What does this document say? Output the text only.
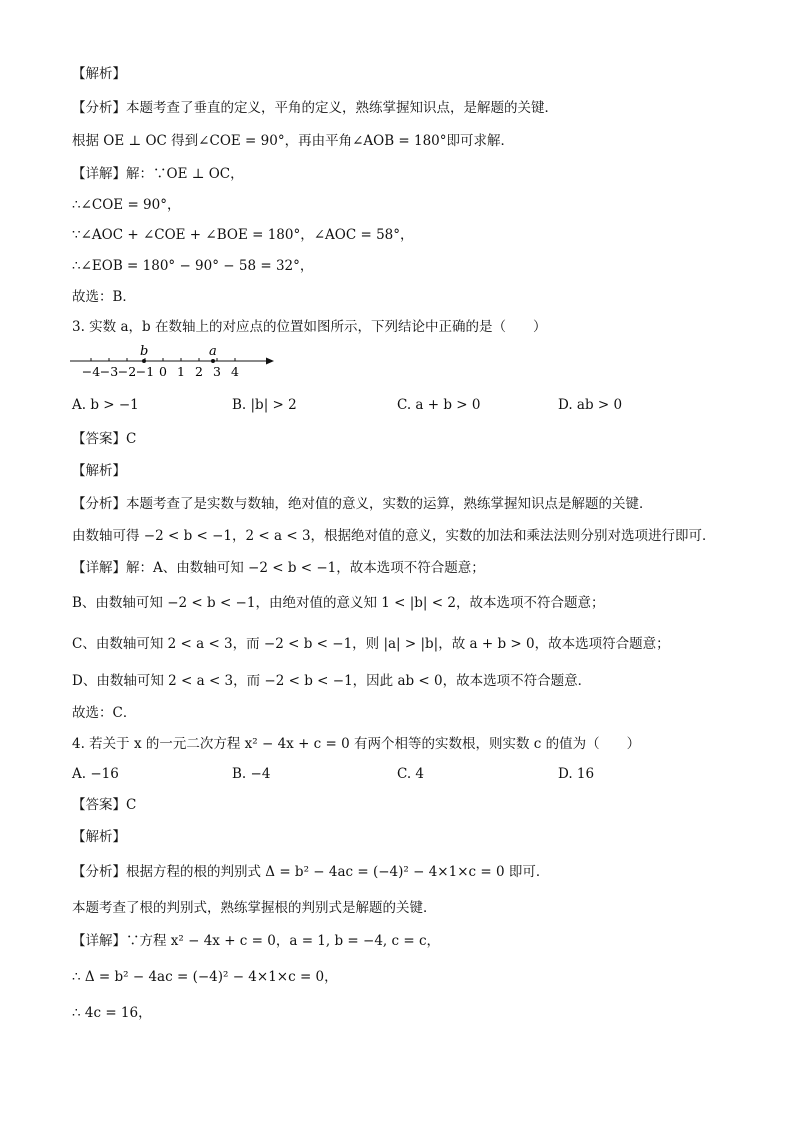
【解析】
【分析】本题考查了垂直的定义，平角的定义，熟练掌握知识点，是解题的关键．
根据 OE ⊥ OC 得到∠COE = 90°，再由平角∠AOB = 180°即可求解．
【详解】解：∵OE ⊥ OC，
∴∠COE = 90°，
∵∠AOC + ∠COE + ∠BOE = 180°，∠AOC = 58°，
∴∠EOB = 180° − 90° − 58 = 32°，
故选：B．
3. 实数 a，b 在数轴上的对应点的位置如图所示，下列结论中正确的是（　　）
b	a
−4 −3 −2 −1 0 1 2 3 4
A. b > −1	B. |b| > 2	C. a + b > 0	D. ab > 0
【答案】C
【解析】
【分析】本题考查了是实数与数轴，绝对值的意义，实数的运算，熟练掌握知识点是解题的关键．
由数轴可得 −2 < b < −1，2 < a < 3，根据绝对值的意义，实数的加法和乘法法则分别对选项进行即可．
【详解】解：A、由数轴可知 −2 < b < −1，故本选项不符合题意；
B、由数轴可知 −2 < b < −1，由绝对值的意义知 1 < |b| < 2，故本选项不符合题意；
C、由数轴可知 2 < a < 3，而 −2 < b < −1，则 |a| > |b|，故 a + b > 0，故本选项符合题意；
D、由数轴可知 2 < a < 3，而 −2 < b < −1，因此 ab < 0，故本选项不符合题意．
故选：C．
4. 若关于 x 的一元二次方程 x² − 4x + c = 0 有两个相等的实数根，则实数 c 的值为（　　）
A. −16	B. −4	C. 4	D. 16
【答案】C
【解析】
【分析】根据方程的根的判别式 Δ = b² − 4ac = (−4)² − 4×1×c = 0 即可．
本题考查了根的判别式，熟练掌握根的判别式是解题的关键．
【详解】∵方程 x² − 4x + c = 0，a = 1, b = −4, c = c，
∴ Δ = b² − 4ac = (−4)² − 4×1×c = 0，
∴ 4c = 16，
